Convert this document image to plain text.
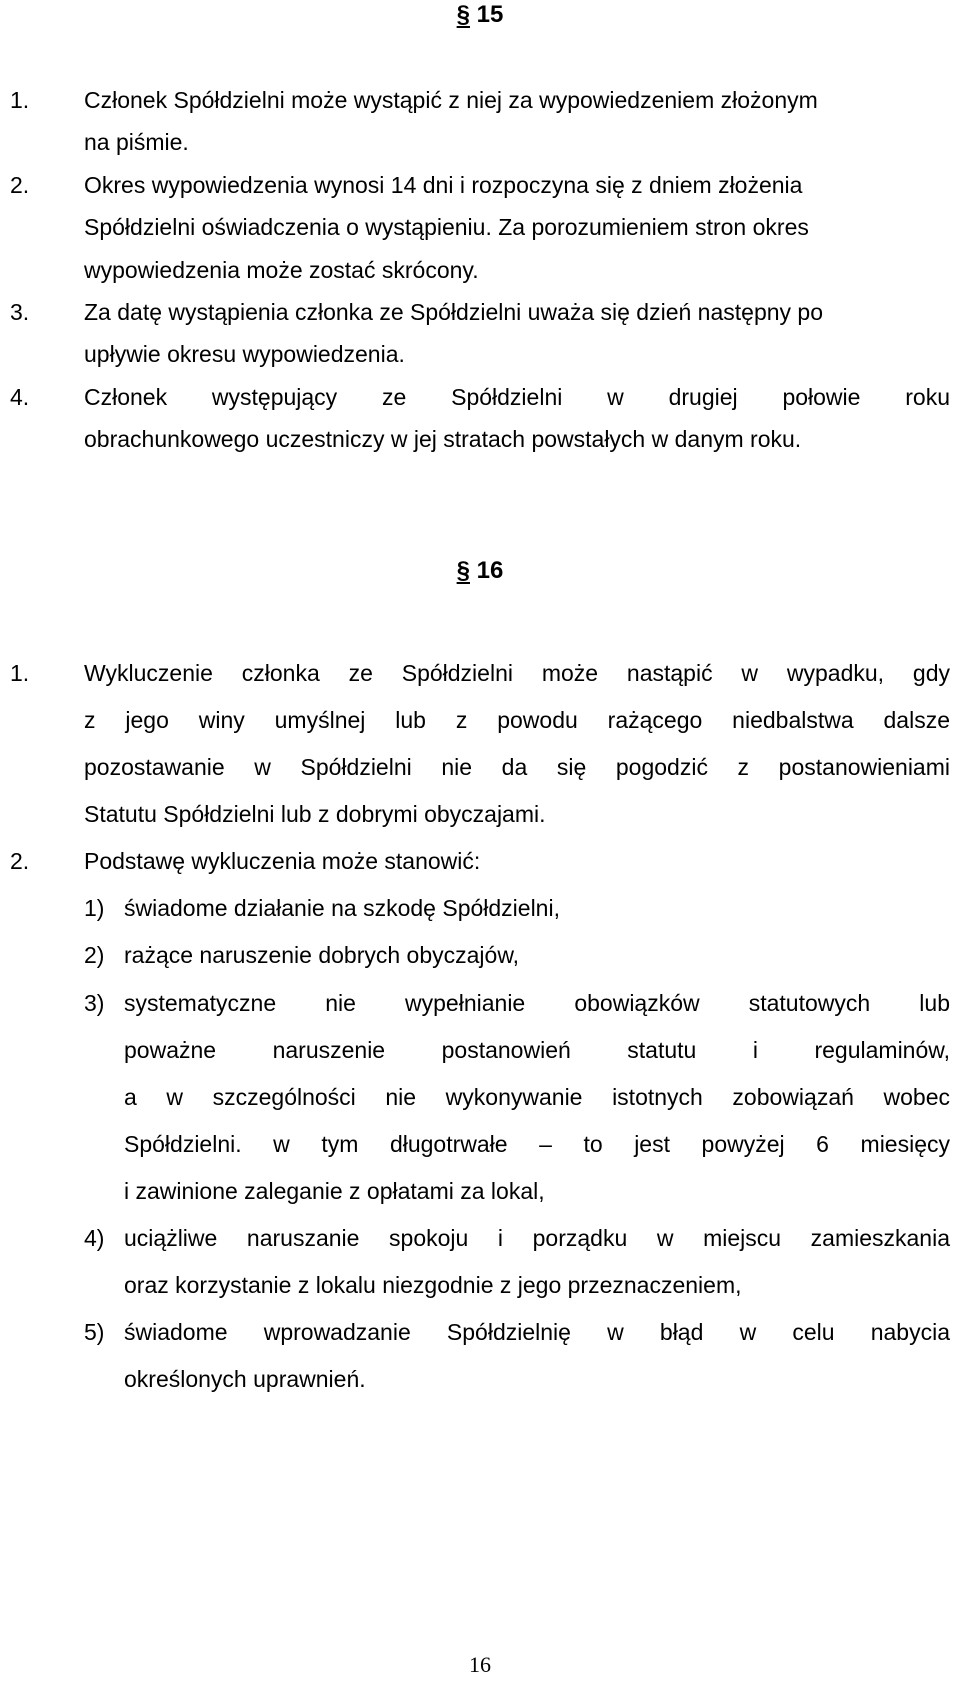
§ 15
1. Członek Spółdzielni może wystąpić z niej za wypowiedzeniem złożonym
na piśmie.
2. Okres wypowiedzenia wynosi 14 dni i rozpoczyna się z dniem złożenia
Spółdzielni oświadczenia o wystąpieniu. Za porozumieniem stron okres
wypowiedzenia może zostać skrócony.
3. Za datę wystąpienia członka ze Spółdzielni uważa się dzień następny po
upływie okresu wypowiedzenia.
4. Członek występujący ze Spółdzielni w drugiej połowie roku
obrachunkowego uczestniczy w jej stratach powstałych w danym roku.
§ 16
1. Wykluczenie członka ze Spółdzielni może nastąpić w wypadku, gdy
z jego winy umyślnej lub z powodu rażącego niedbalstwa dalsze
pozostawanie w Spółdzielni nie da się pogodzić z postanowieniami
Statutu Spółdzielni lub z dobrymi obyczajami.
2. Podstawę wykluczenia może stanowić:
1) świadome działanie na szkodę Spółdzielni,
2) rażące naruszenie dobrych obyczajów,
3) systematyczne nie wypełnianie obowiązków statutowych lub
poważne naruszenie postanowień statutu i regulaminów,
a w szczególności nie wykonywanie istotnych zobowiązań wobec
Spółdzielni. w tym długotrwałe – to jest powyżej 6 miesięcy
i zawinione zaleganie z opłatami za lokal,
4) uciążliwe naruszanie spokoju i porządku w miejscu zamieszkania
oraz korzystanie z lokalu niezgodnie z jego przeznaczeniem,
5) świadome wprowadzanie Spółdzielnię w błąd w celu nabycia
określonych uprawnień.
16
